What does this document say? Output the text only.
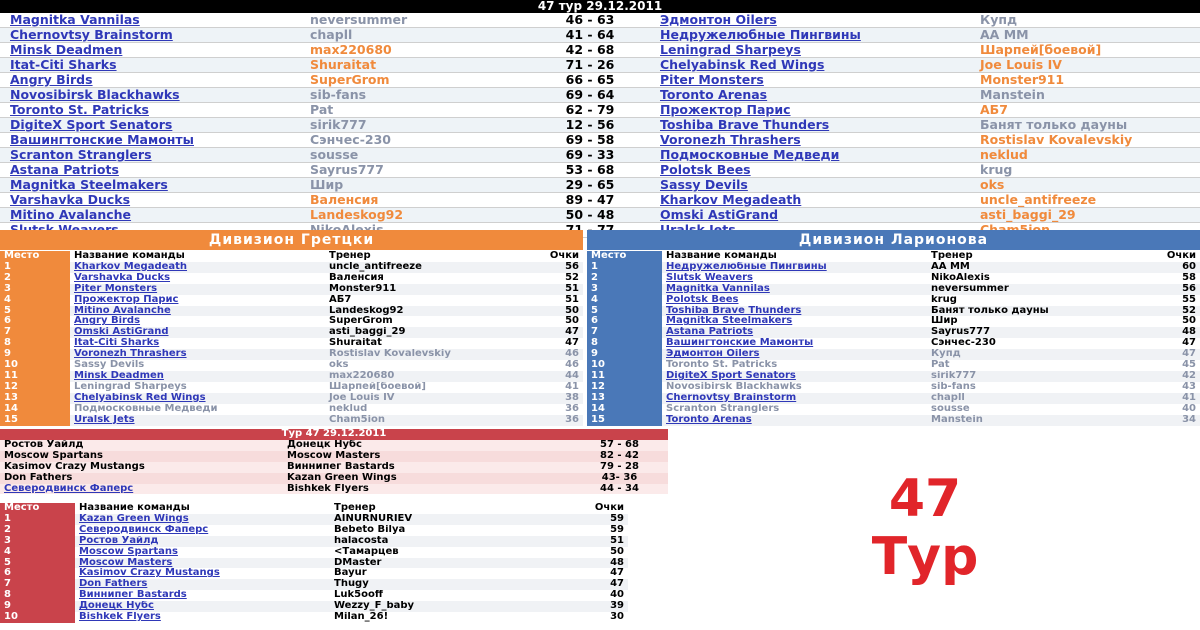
47 тур 29.12.2011
Magnitka Vannilas	neversummer	46 - 63	Эдмонтон Oilers	Купд
Chernovtsy Brainstorm	chapll	41 - 64	Недружелюбные Пингвины	AA MM
Minsk Deadmen	max220680	42 - 68	Leningrad Sharpeys	Шарпей[боевой]
Itat-Citi Sharks	Shuraitat	71 - 26	Chelyabinsk Red Wings	Joe Louis IV
Angry Birds	SuperGrom	66 - 65	Piter Monsters	Monster911
Novosibirsk Blackhawks	sib-fans	69 - 64	Toronto Arenas	Manstein
Toronto St. Patricks	Pat	62 - 79	Прожектор Парис	AБ7
DigiteX Sport Senators	sirik777	12 - 56	Toshiba Brave Thunders	Банят только дауны
Вашингтонские Мамонты	Сэнчес-230	69 - 58	Voronezh Thrashers	Rostislav Kovalevskiy
Scranton Stranglers	sousse	69 - 33	Подмосковные Медведи	neklud
Astana Patriots	Sayrus777	53 - 68	Polotsk Bees	krug
Magnitka Steelmakers	Шир	29 - 65	Sassy Devils	oks
Varshavka Ducks	Валенсия	89 - 47	Kharkov Megadeath	uncle_antifreeze
Mitino Avalanche	Landeskog92	50 - 48	Omski AstiGrand	asti_baggi_29

Дивизион Гретцки	Дивизион Ларионова
Место	Название команды	Тренер	Очки
1	Kharkov Megadeath	uncle_antifreeze	56
2	Varshavka Ducks	Валенсия	52
3	Piter Monsters	Monster911	51
4	Прожектор Парис	AБ7	51
5	Mitino Avalanche	Landeskog92	50
6	Angry Birds	SuperGrom	50
7	Omski AstiGrand	asti_baggi_29	47
8	Itat-Citi Sharks	Shuraitat	47
9	Voronezh Thrashers	Rostislav Kovalevskiy	46
10	Sassy Devils	oks	46
11	Minsk Deadmen	max220680	44
12	Leningrad Sharpeys	Шарпей[боевой]	41
13	Chelyabinsk Red Wings	Joe Louis IV	38
14	Подмосковные Медведи	neklud	36
15	Uralsk Jets	Cham5ion	36
Место	Название команды	Тренер	Очки
1	Недружелюбные Пингвины	AA MM	60
2	Slutsk Weavers	NikoAlexis	58
3	Magnitka Vannilas	neversummer	56
4	Polotsk Bees	krug	55
5	Toshiba Brave Thunders	Банят только дауны	52
6	Magnitka Steelmakers	Шир	50
7	Astana Patriots	Sayrus777	48
8	Вашингтонские Мамонты	Сэнчес-230	47
9	Эдмонтон Oilers	Купд	47
10	Toronto St. Patricks	Pat	45
11	DigiteX Sport Senators	sirik777	42
12	Novosibirsk Blackhawks	sib-fans	43
13	Chernovtsy Brainstorm	chapll	41
14	Scranton Stranglers	sousse	40
15	Toronto Arenas	Manstein	34
Тур 47 29.12.2011		
Ростов Уайлд	Донецк Нубс	57 - 68
Moscow Spartans	Moscow Masters	82 - 42
Kasimov Crazy Mustangs	Виннипег Bastards	79 - 28
Don Fathers	Kazan Green Wings	43- 36
Северодвинск Фаперс	Bishkek Flyers	44 - 34
Место	Название команды	Тренер	Очки
1	Kazan Green Wings	AINURNURIEV	59
2	Северодвинск Фаперс	Bebeto Bilya	59
3	Ростов Уайлд	halacosta	51
4	Moscow Spartans	<Тамарцев	50
5	Moscow Masters	DMaster	48
6	Kasimov Crazy Mustangs	Bayur	47
7	Don Fathers	Thugy	47
8	Виннипег Bastards	Luk5ooff	40
9	Донецк Нубс	Wezzy_F_baby	39
10	Bishkek Flyers	Milan_26!	30
47
Тур
